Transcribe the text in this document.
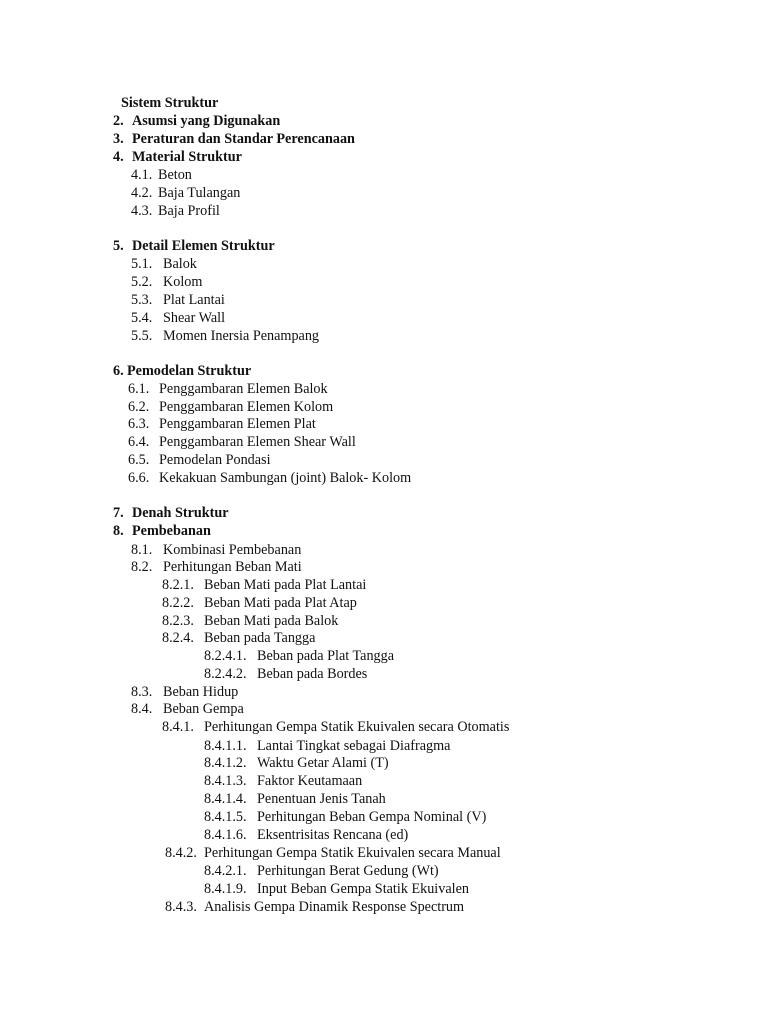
Sistem Struktur
2. Asumsi yang Digunakan
3. Peraturan dan Standar Perencanaan
4. Material Struktur
4.1. Beton
4.2. Baja Tulangan
4.3. Baja Profil
5. Detail Elemen Struktur
5.1. Balok
5.2. Kolom
5.3. Plat Lantai
5.4. Shear Wall
5.5. Momen Inersia Penampang
6. Pemodelan Struktur
6.1. Penggambaran Elemen Balok
6.2. Penggambaran Elemen Kolom
6.3. Penggambaran Elemen Plat
6.4. Penggambaran Elemen Shear Wall
6.5. Pemodelan Pondasi
6.6. Kekakuan Sambungan (joint) Balok- Kolom
7. Denah Struktur
8. Pembebanan
8.1. Kombinasi Pembebanan
8.2. Perhitungan Beban Mati
8.2.1. Beban Mati pada Plat Lantai
8.2.2. Beban Mati pada Plat Atap
8.2.3. Beban Mati pada Balok
8.2.4. Beban pada Tangga
8.2.4.1. Beban pada Plat Tangga
8.2.4.2. Beban pada Bordes
8.3. Beban Hidup
8.4. Beban Gempa
8.4.1. Perhitungan Gempa Statik Ekuivalen secara Otomatis
8.4.1.1. Lantai Tingkat sebagai Diafragma
8.4.1.2. Waktu Getar Alami (T)
8.4.1.3. Faktor Keutamaan
8.4.1.4. Penentuan Jenis Tanah
8.4.1.5. Perhitungan Beban Gempa Nominal (V)
8.4.1.6. Eksentrisitas Rencana (ed)
8.4.2. Perhitungan Gempa Statik Ekuivalen secara Manual
8.4.2.1. Perhitungan Berat Gedung (Wt)
8.4.1.9. Input Beban Gempa Statik Ekuivalen
8.4.3. Analisis Gempa Dinamik Response Spectrum
